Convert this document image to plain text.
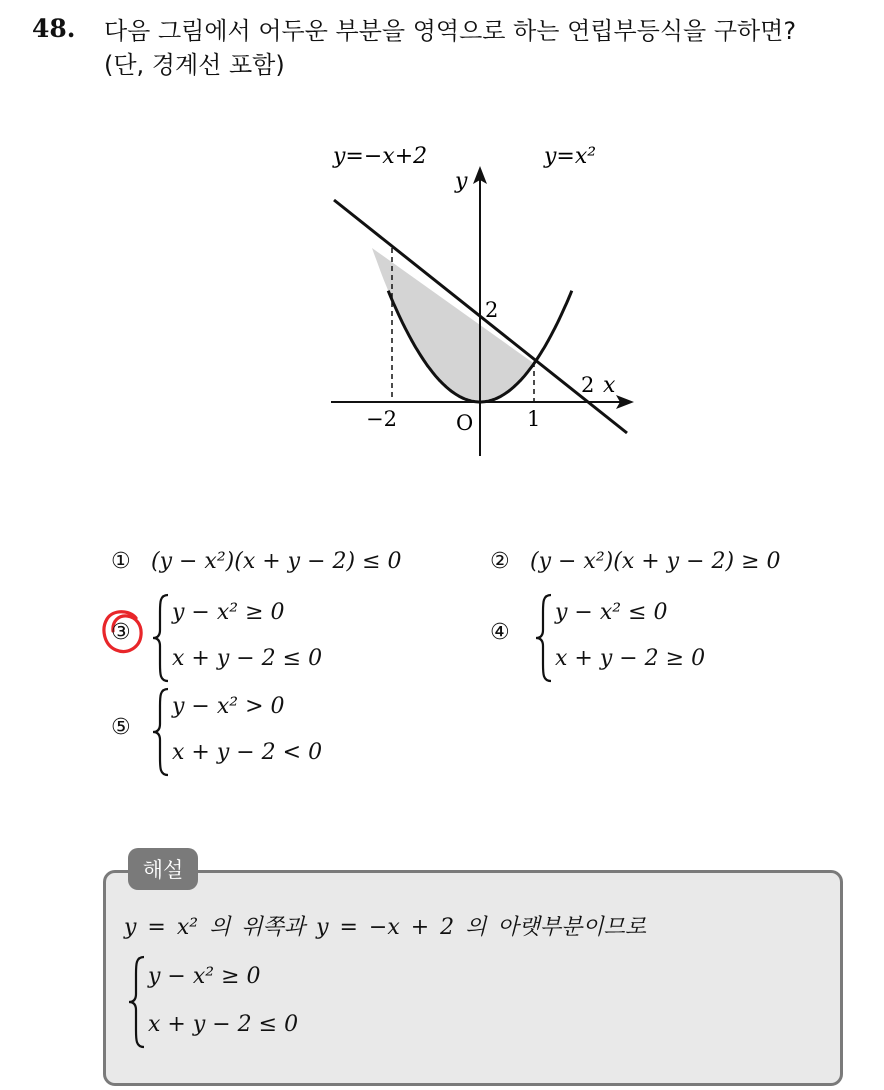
48. 다음 그림에서 어두운 부분을 영역으로 하는 연립부등식을 구하면?
(단, 경계선 포함)
y=−x+2	y=x²
y
x
−2	O	1
2
2
① (y − x²)(x + y − 2) ≤ 0	② (y − x²)(x + y − 2) ≥ 0
③
y − x² ≥ 0
x + y − 2 ≤ 0
④
y − x² ≤ 0
x + y − 2 ≥ 0
⑤
y − x² > 0
x + y − 2 < 0
해설
y = x² 의 위쪽과 y = −x + 2 의 아랫부분이므로
y − x² ≥ 0
x + y − 2 ≤ 0
